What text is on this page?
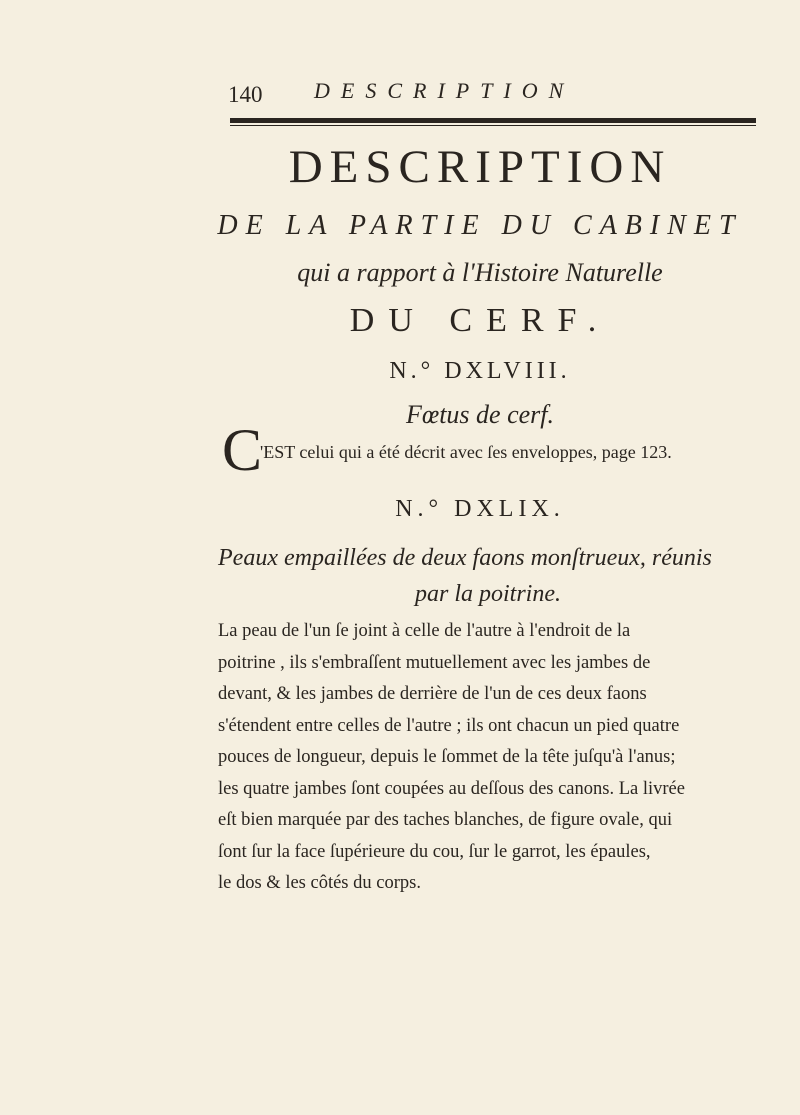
140 DESCRIPTION
DESCRIPTION
DE LA PARTIE DU CABINET
qui a rapport à l'Histoire Naturelle
DU CERF.
N.° DXLVIII.
Fœtus de cerf.
C
'EST celui qui a été décrit avec ſes enveloppes, page 123.
N.° DXLIX.
Peaux empaillées de deux faons monſtrueux, réunis
par la poitrine.
La peau de l'un ſe joint à celle de l'autre à l'endroit de la
poitrine , ils s'embraſſent mutuellement avec les jambes de
devant, & les jambes de derrière de l'un de ces deux faons
s'étendent entre celles de l'autre ; ils ont chacun un pied quatre
pouces de longueur, depuis le ſommet de la tête juſqu'à l'anus;
les quatre jambes ſont coupées au deſſous des canons. La livrée
eſt bien marquée par des taches blanches, de figure ovale, qui
ſont ſur la face ſupérieure du cou, ſur le garrot, les épaules,
le dos & les côtés du corps.
